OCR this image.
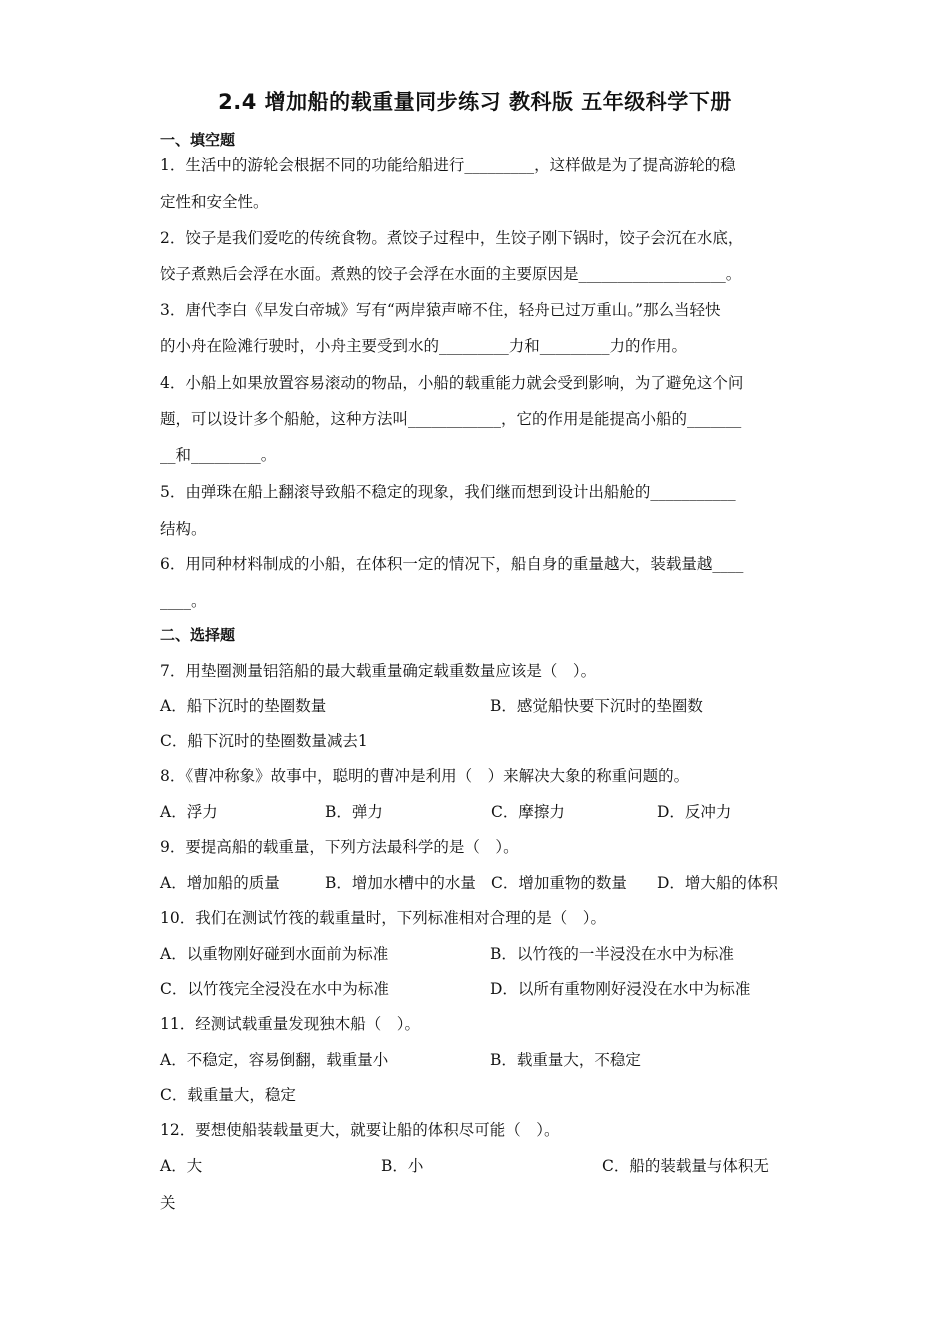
2.4 增加船的载重量同步练习 教科版 五年级科学下册
一、填空题
1．生活中的游轮会根据不同的功能给船进行_________，这样做是为了提高游轮的稳
定性和安全性。
2．饺子是我们爱吃的传统食物。煮饺子过程中，生饺子刚下锅时，饺子会沉在水底，
饺子煮熟后会浮在水面。煮熟的饺子会浮在水面的主要原因是___________________。
3．唐代李白《早发白帝城》写有“两岸猿声啼不住，轻舟已过万重山。”那么当轻快
的小舟在险滩行驶时，小舟主要受到水的_________力和_________力的作用。
4．小船上如果放置容易滚动的物品，小船的载重能力就会受到影响，为了避免这个问
题，可以设计多个船舱，这种方法叫____________，它的作用是能提高小船的_______
__和_________。
5．由弹珠在船上翻滚导致船不稳定的现象，我们继而想到设计出船舱的___________
结构。
6．用同种材料制成的小船，在体积一定的情况下，船自身的重量越大，装载量越____
____。
二、选择题
7．用垫圈测量铝箔船的最大载重量确定载重数量应该是（　）。
A．船下沉时的垫圈数量	B．感觉船快要下沉时的垫圈数
C．船下沉时的垫圈数量减去1
8．《曹冲称象》故事中，聪明的曹冲是利用（　）来解决大象的称重问题的。
A．浮力	B．弹力	C．摩擦力	D．反冲力
9．要提高船的载重量，下列方法最科学的是（　）。
A．增加船的质量	B．增加水槽中的水量 C．增加重物的数量 D．增大船的体积
10．我们在测试竹筏的载重量时，下列标准相对合理的是（　）。
A．以重物刚好碰到水面前为标准	B．以竹筏的一半浸没在水中为标准
C．以竹筏完全浸没在水中为标准	D．以所有重物刚好浸没在水中为标准
11．经测试载重量发现独木船（　）。
A．不稳定，容易倒翻，载重量小	B．载重量大，不稳定
C．载重量大，稳定
12．要想使船装载量更大，就要让船的体积尽可能（　）。
A．大	B．小	C．船的装载量与体积无
关
